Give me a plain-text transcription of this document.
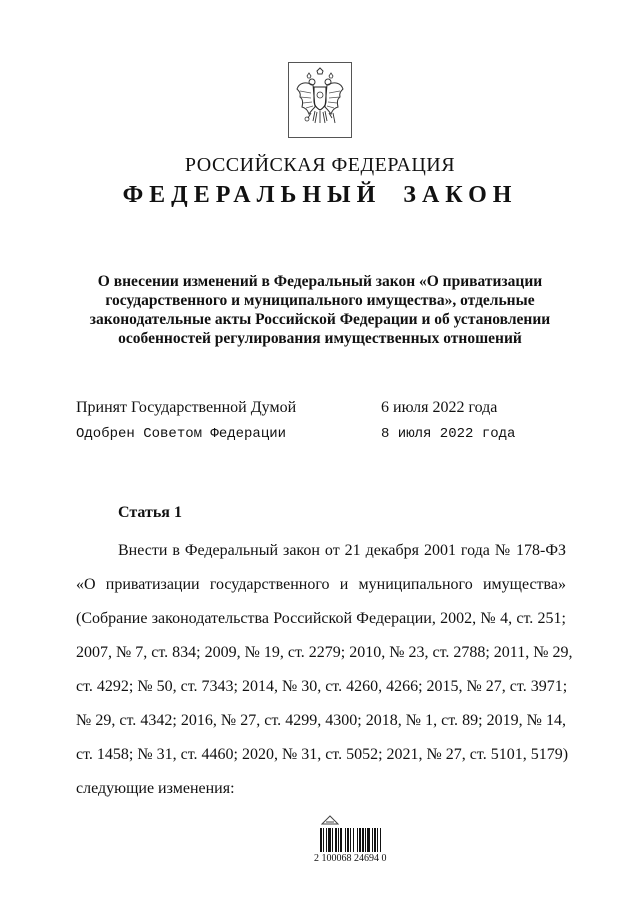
РОССИЙСКАЯ ФЕДЕРАЦИЯ
ФЕДЕРАЛЬНЫЙ ЗАКОН
О внесении изменений в Федеральный закон «О приватизации
государственного и муниципального имущества», отдельные
законодательные акты Российской Федерации и об установлении
особенностей регулирования имущественных отношений
Принят Государственной Думой	6 июля 2022 года
Одобрен Советом Федерации	8 июля 2022 года
Статья 1
Внести в Федеральный закон от 21 декабря 2001 года № 178-ФЗ
«О приватизации государственного и муниципального имущества»
(Собрание законодательства Российской Федерации, 2002, № 4, ст. 251;
2007, № 7, ст. 834; 2009, № 19, ст. 2279; 2010, № 23, ст. 2788; 2011, № 29,
ст. 4292; № 50, ст. 7343; 2014, № 30, ст. 4260, 4266; 2015, № 27, ст. 3971;
№ 29, ст. 4342; 2016, № 27, ст. 4299, 4300; 2018, № 1, ст. 89; 2019, № 14,
ст. 1458; № 31, ст. 4460; 2020, № 31, ст. 5052; 2021, № 27, ст. 5101, 5179)
следующие изменения:
2 100068 24694 0
